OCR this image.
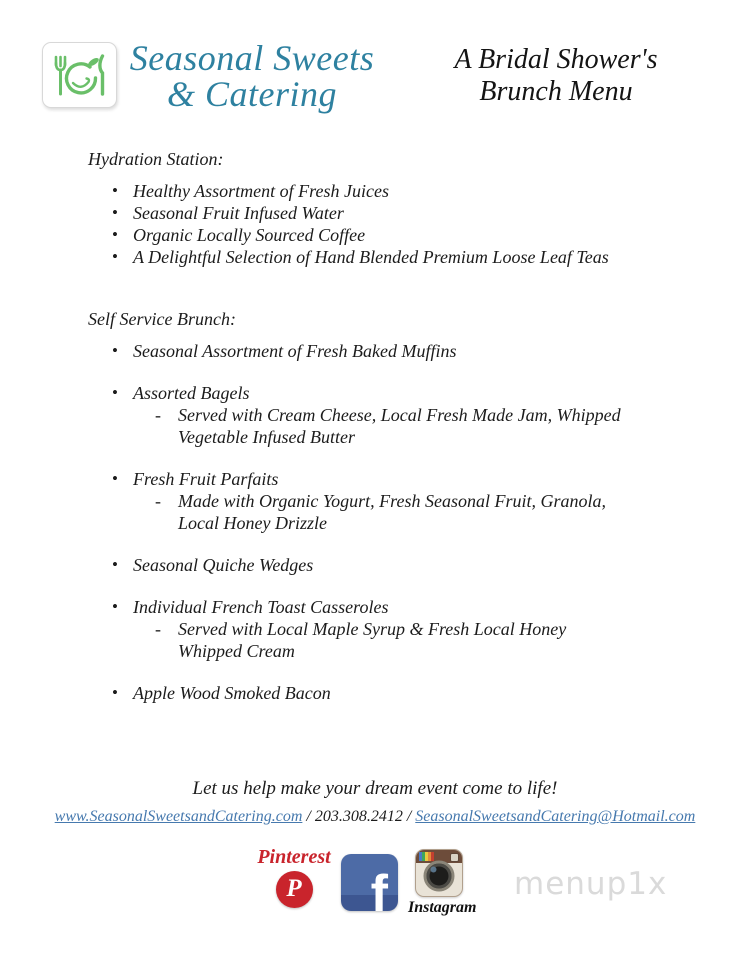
Seasonal Sweets
& Catering
A Bridal Shower's
Brunch Menu
Hydration Station:
• Healthy Assortment of Fresh Juices
• Seasonal Fruit Infused Water
• Organic Locally Sourced Coffee
• A Delightful Selection of Hand Blended Premium Loose Leaf Teas
Self Service Brunch:
• Seasonal Assortment of Fresh Baked Muffins
• Assorted Bagels
- Served with Cream Cheese, Local Fresh Made Jam, Whipped
Vegetable Infused Butter
• Fresh Fruit Parfaits
- Made with Organic Yogurt, Fresh Seasonal Fruit, Granola,
Local Honey Drizzle
• Seasonal Quiche Wedges
• Individual French Toast Casseroles
- Served with Local Maple Syrup & Fresh Local Honey
Whipped Cream
• Apple Wood Smoked Bacon
Let us help make your dream event come to life!
www.SeasonalSweetsandCatering.com / 203.308.2412 / SeasonalSweetsandCatering@Hotmail.com
Pinterest
P f Instagram
menup1x
